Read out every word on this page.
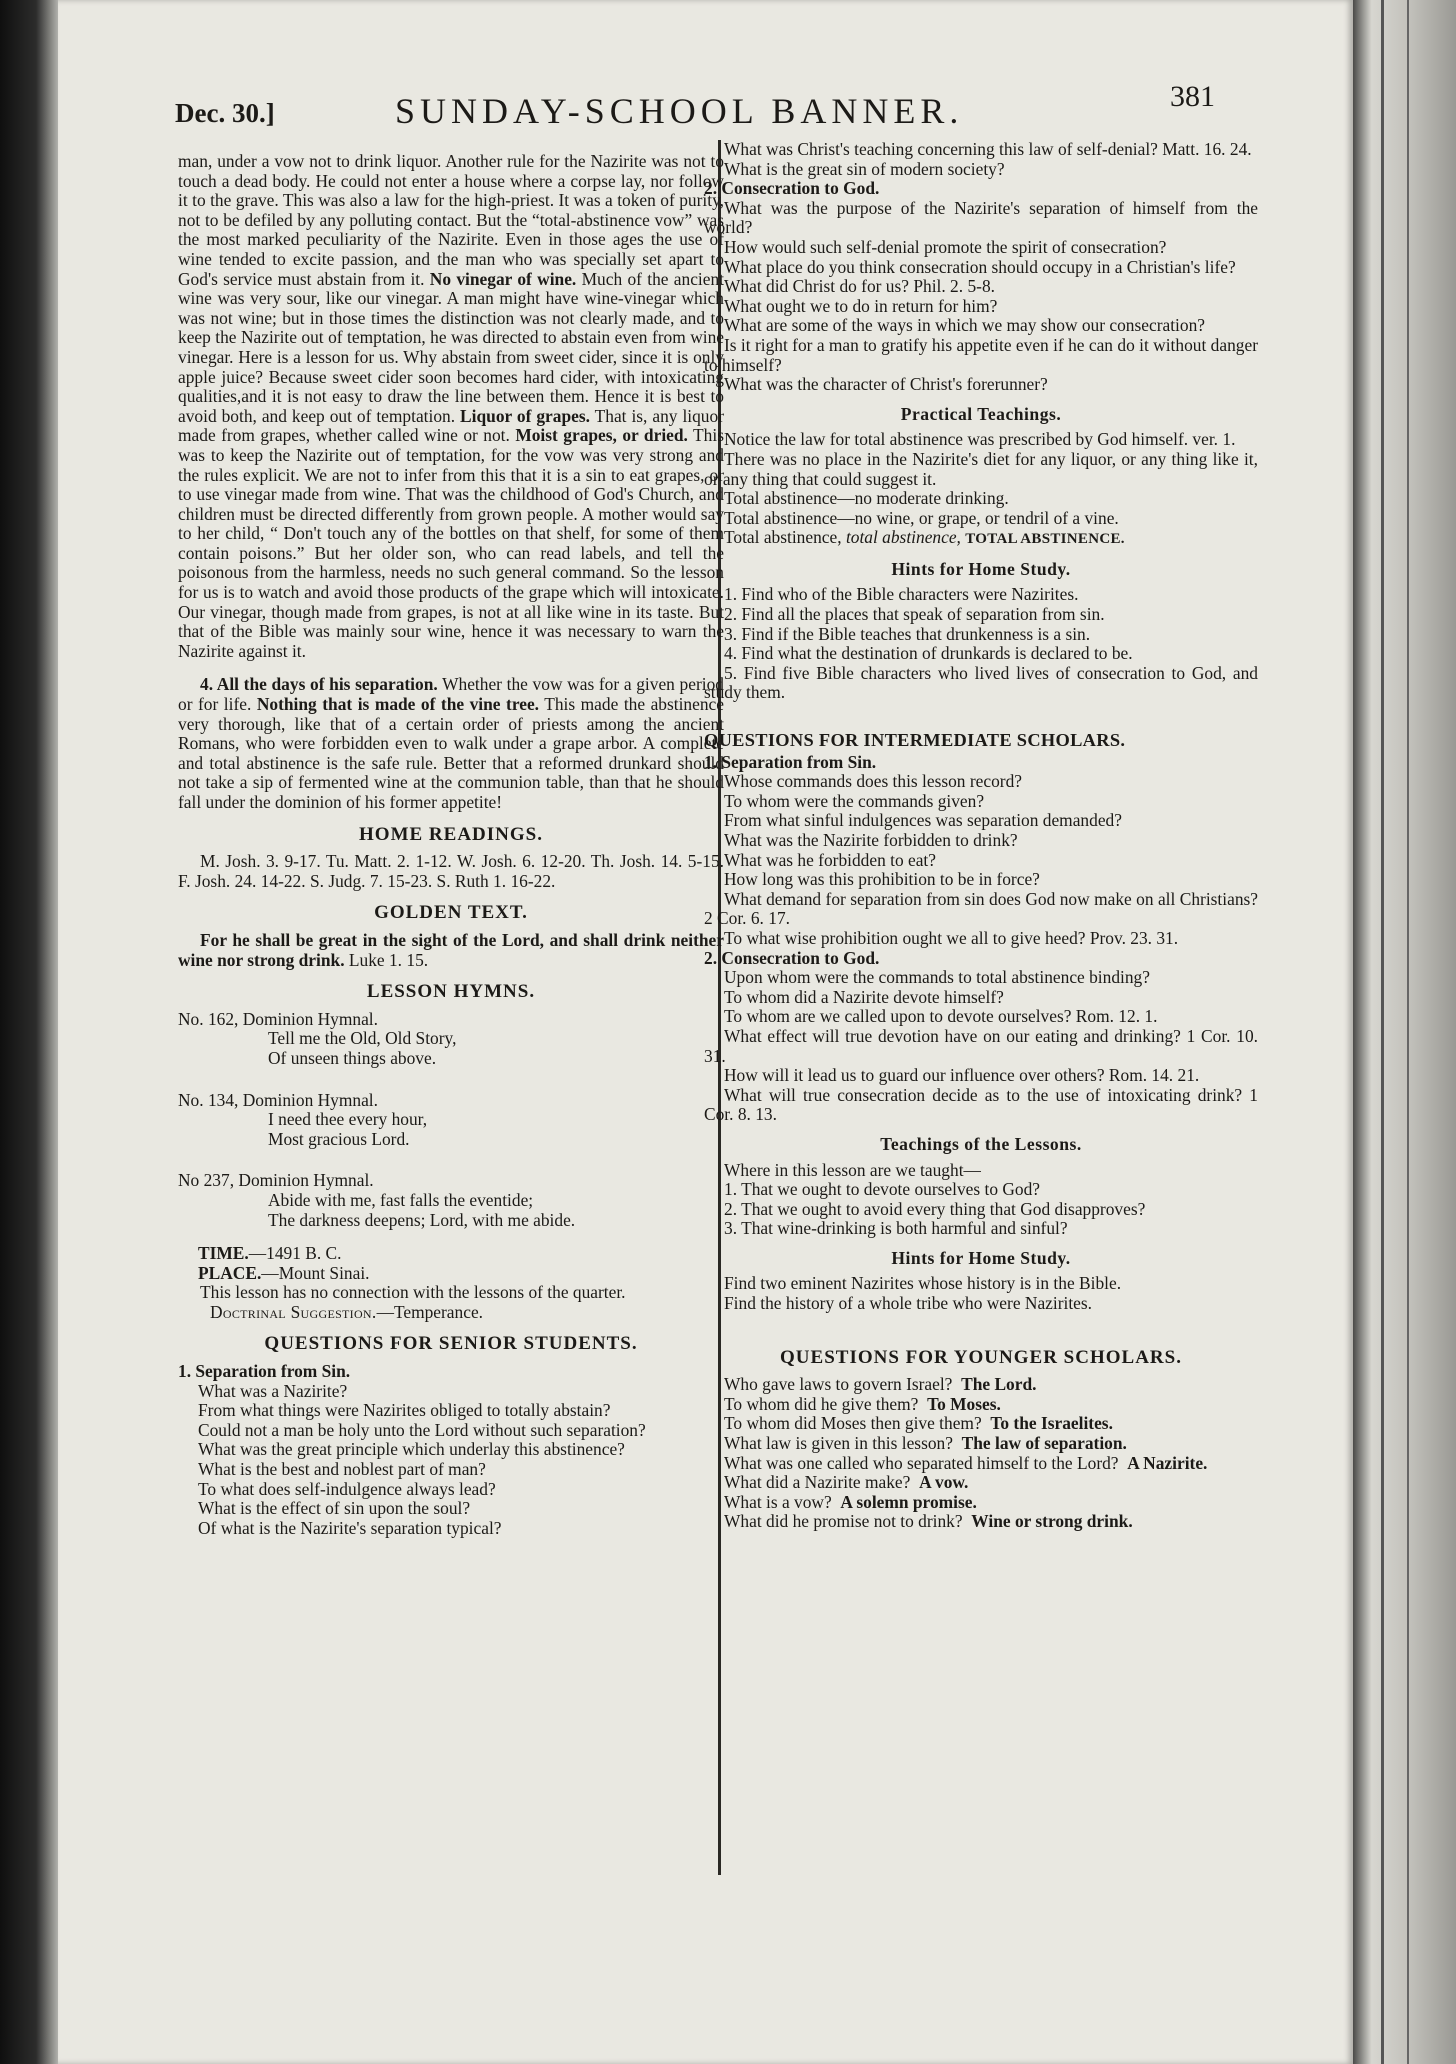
Dec. 30.]	SUNDAY-SCHOOL BANNER.	381

man, under a vow not to drink liquor. Another rule for the Nazirite was not to touch a dead body. He could not enter a house where a corpse lay, nor follow it to the grave. This was also a law for the high-priest. It was a token of purity, not to be defiled by any polluting contact. But the “total-abstinence vow” was the most marked peculiarity of the Nazirite. Even in those ages the use of wine tended to excite passion, and the man who was specially set apart to God's service must abstain from it. No vinegar of wine. Much of the ancient wine was very sour, like our vinegar. A man might have wine-vinegar which was not wine; but in those times the distinction was not clearly made, and to keep the Nazirite out of temptation, he was directed to abstain even from wine vinegar. Here is a lesson for us. Why abstain from sweet cider, since it is only apple juice? Because sweet cider soon becomes hard cider, with intoxicating qualities,and it is not easy to draw the line between them. Hence it is best to avoid both, and keep out of temptation. Liquor of grapes. That is, any liquor made from grapes, whether called wine or not. Moist grapes, or dried. This was to keep the Nazirite out of temptation, for the vow was very strong and the rules explicit. We are not to infer from this that it is a sin to eat grapes, or to use vinegar made from wine. That was the childhood of God's Church, and children must be directed differently from grown people. A mother would say to her child, “ Don't touch any of the bottles on that shelf, for some of them contain poisons.” But her older son, who can read labels, and tell the poisonous from the harmless, needs no such general command. So the lesson for us is to watch and avoid those products of the grape which will intoxicate. Our vinegar, though made from grapes, is not at all like wine in its taste. But that of the Bible was mainly sour wine, hence it was necessary to warn the Nazirite against it.

4. All the days of his separation. Whether the vow was for a given period or for life. Nothing that is made of the vine tree. This made the abstinence very thorough, like that of a certain order of priests among the ancient Romans, who were forbidden even to walk under a grape arbor. A complete and total abstinence is the safe rule. Better that a reformed drunkard should not take a sip of fermented wine at the communion table, than that he should fall under the dominion of his former appetite!

HOME READINGS.

M. Josh. 3. 9-17. Tu. Matt. 2. 1-12. W. Josh. 6. 12-20. Th. Josh. 14. 5-15. F. Josh. 24. 14-22. S. Judg. 7. 15-23. S. Ruth 1. 16-22.

GOLDEN TEXT.

For he shall be great in the sight of the Lord, and shall drink neither wine nor strong drink. Luke 1. 15.

LESSON HYMNS.

No. 162, Dominion Hymnal.

Tell me the Old, Old Story,

Of unseen things above.

No. 134, Dominion Hymnal.

I need thee every hour,

Most gracious Lord.

No 237, Dominion Hymnal.

Abide with me, fast falls the eventide;

The darkness deepens; Lord, with me abide.

TIME.—1491 B. C.

PLACE.—Mount Sinai.

This lesson has no connection with the lessons of the quarter.

Doctrinal Suggestion.—Temperance.

QUESTIONS FOR SENIOR STUDENTS.

1. Separation from Sin.

What was a Nazirite?

From what things were Nazirites obliged to totally abstain?

Could not a man be holy unto the Lord without such separation?

What was the great principle which underlay this abstinence?

What is the best and noblest part of man?

To what does self-indulgence always lead?

What is the effect of sin upon the soul?

Of what is the Nazirite's separation typical?

What was Christ's teaching concerning this law of self-denial? Matt. 16. 24.

What is the great sin of modern society?

2. Consecration to God.

What was the purpose of the Nazirite's separation of himself from the world?

How would such self-denial promote the spirit of consecration?

What place do you think consecration should occupy in a Christian's life?

What did Christ do for us? Phil. 2. 5-8.

What ought we to do in return for him?

What are some of the ways in which we may show our consecration?

Is it right for a man to gratify his appetite even if he can do it without danger to himself?

What was the character of Christ's forerunner?

Practical Teachings.

Notice the law for total abstinence was prescribed by God himself. ver. 1.

There was no place in the Nazirite's diet for any liquor, or any thing like it, or any thing that could suggest it.

Total abstinence—no moderate drinking.

Total abstinence—no wine, or grape, or tendril of a vine.

Total abstinence, total abstinence, TOTAL ABSTINENCE.

Hints for Home Study.

1. Find who of the Bible characters were Nazirites.

2. Find all the places that speak of separation from sin.

3. Find if the Bible teaches that drunkenness is a sin.

4. Find what the destination of drunkards is declared to be.

5. Find five Bible characters who lived lives of consecration to God, and study them.

QUESTIONS FOR INTERMEDIATE SCHOLARS.

1. Separation from Sin.

Whose commands does this lesson record?

To whom were the commands given?

From what sinful indulgences was separation demanded?

What was the Nazirite forbidden to drink?

What was he forbidden to eat?

How long was this prohibition to be in force?

What demand for separation from sin does God now make on all Christians? 2 Cor. 6. 17.

To what wise prohibition ought we all to give heed? Prov. 23. 31.

2. Consecration to God.

Upon whom were the commands to total abstinence binding?

To whom did a Nazirite devote himself?

To whom are we called upon to devote ourselves? Rom. 12. 1.

What effect will true devotion have on our eating and drinking? 1 Cor. 10. 31.

How will it lead us to guard our influence over others? Rom. 14. 21.

What will true consecration decide as to the use of intoxicating drink? 1 Cor. 8. 13.

Teachings of the Lessons.

Where in this lesson are we taught—

1. That we ought to devote ourselves to God?

2. That we ought to avoid every thing that God disapproves?

3. That wine-drinking is both harmful and sinful?

Hints for Home Study.

Find two eminent Nazirites whose history is in the Bible.

Find the history of a whole tribe who were Nazirites.

QUESTIONS FOR YOUNGER SCHOLARS.

Who gave laws to govern Israel? The Lord.

To whom did he give them? To Moses.

To whom did Moses then give them? To the Israelites.

What law is given in this lesson? The law of separation.

What was one called who separated himself to the Lord? A Nazirite.

What did a Nazirite make? A vow.

What is a vow? A solemn promise.

What did he promise not to drink? Wine or strong drink.
